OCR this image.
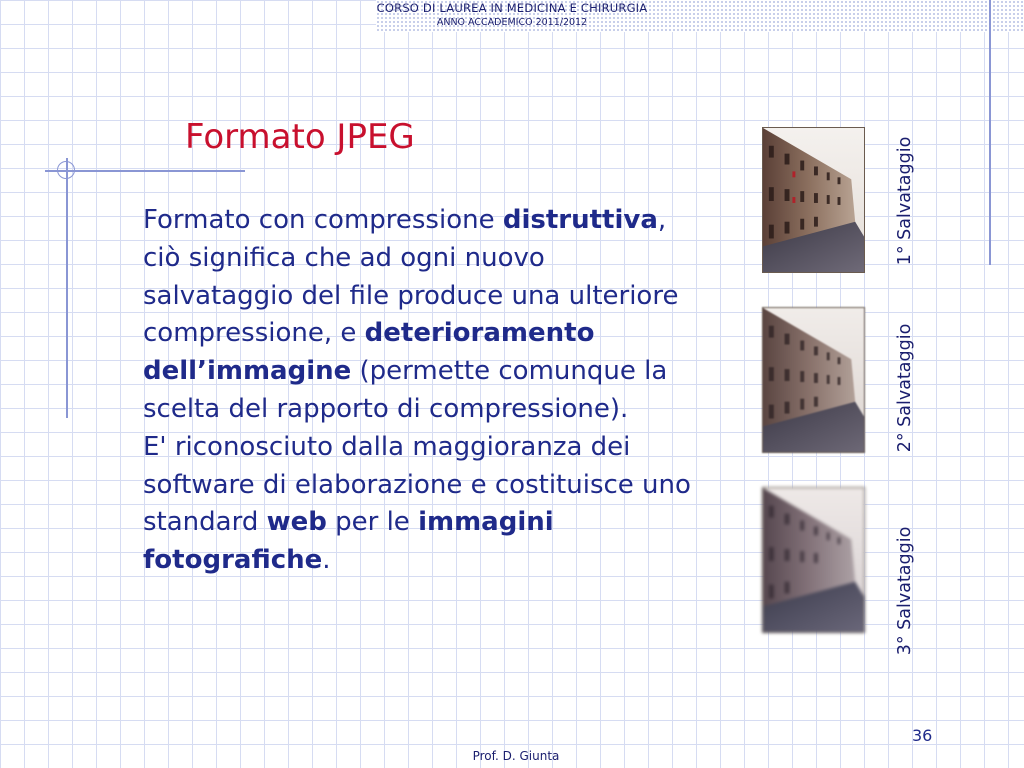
CORSO DI LAUREA IN MEDICINA E CHIRURGIA
ANNO ACCADEMICO 2011/2012
Formato JPEG

Formato con compressione distruttiva, ciò significa che ad ogni nuovo salvataggio del file produce una ulteriore compressione, e deterioramento dell’immagine (permette comunque la scelta del rapporto di compressione).
E' riconosciuto dalla maggioranza dei software di elaborazione e costituisce uno standard web per le immagini fotografiche.

1° Salvataggio
2° Salvataggio
3° Salvataggio
36
Prof. D. Giunta
